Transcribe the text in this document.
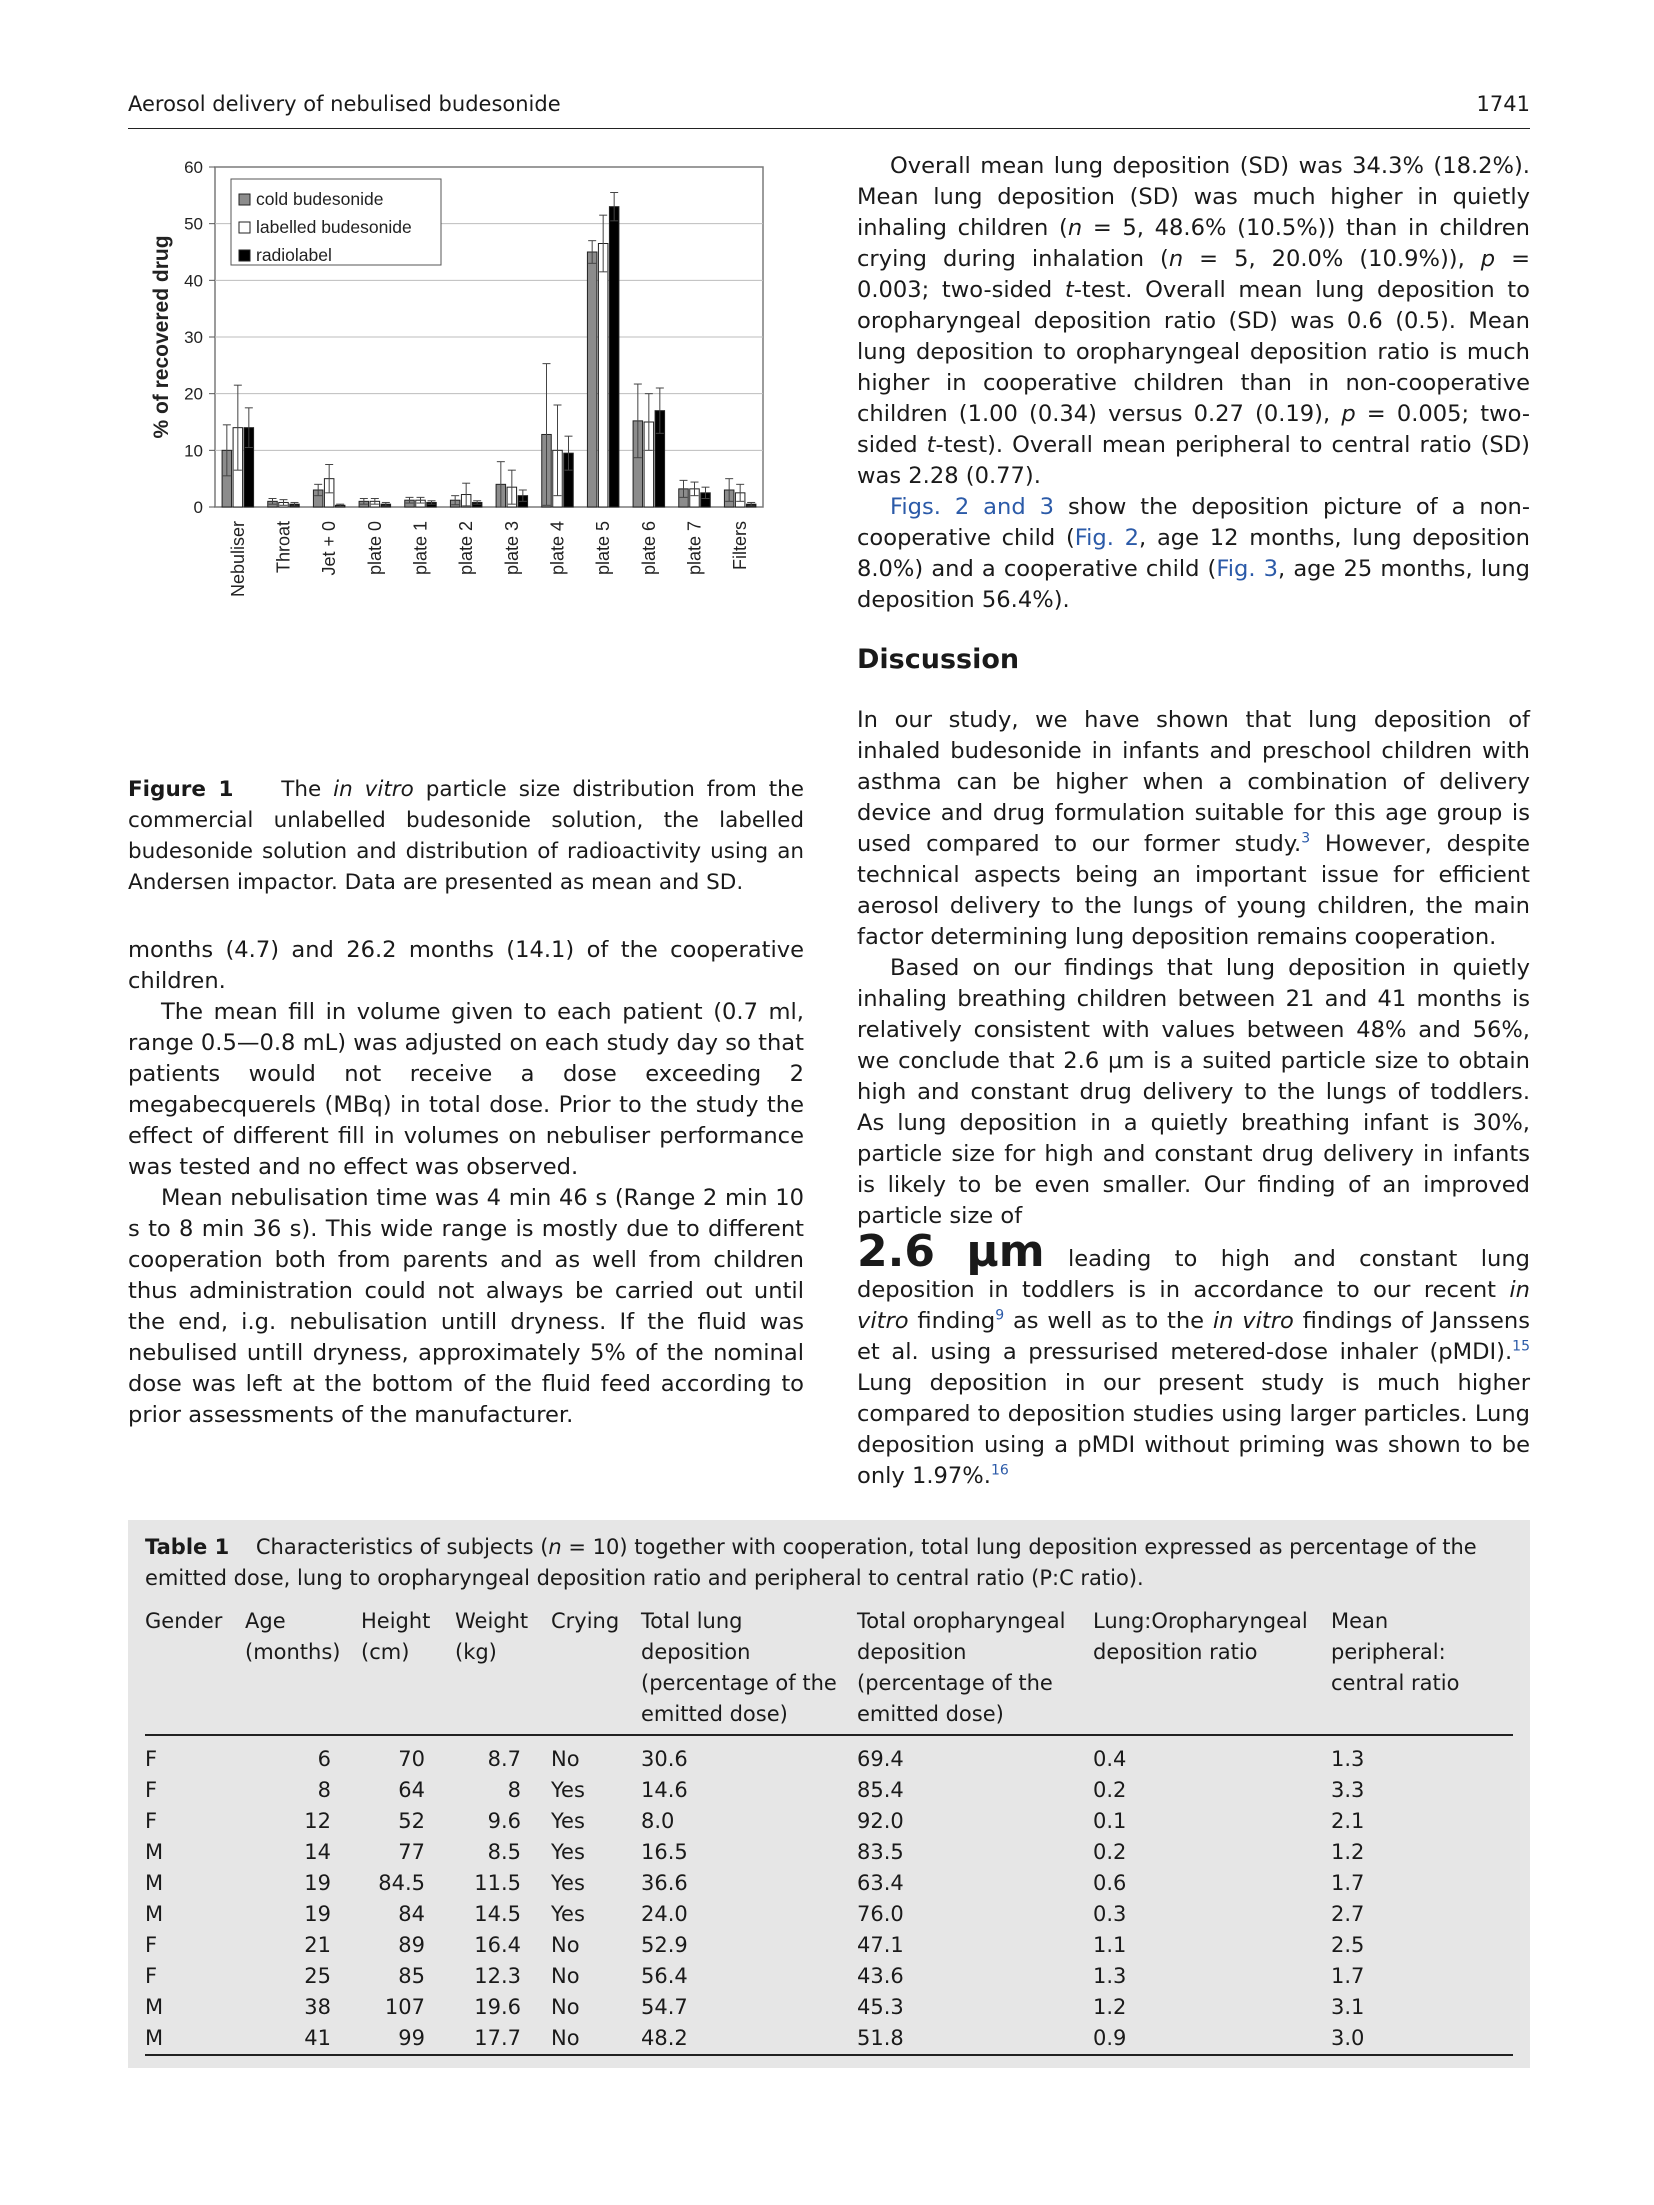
Aerosol delivery of nebulised budesonide	1741
0
10
20
30
40
50
60
% of recovered drug
Nebuliser Throat Jet + 0 plate 0 plate 1 plate 2 plate 3 plate 4 plate 5 plate 6 plate 7 Filters
cold budesonide
labelled budesonide
radiolabel
Figure 1 The in vitro particle size distribution from the commercial unlabelled budesonide solution, the labelled budesonide solution and distribution of radioactivity using an Andersen impactor. Data are presented as mean and SD.

months (4.7) and 26.2 months (14.1) of the cooperative children.

The mean fill in volume given to each patient (0.7 ml, range 0.5—0.8 mL) was adjusted on each study day so that patients would not receive a dose exceeding 2 megabecquerels (MBq) in total dose. Prior to the study the effect of different fill in volumes on nebuliser performance was tested and no effect was observed.

Mean nebulisation time was 4 min 46 s (Range 2 min 10 s to 8 min 36 s). This wide range is mostly due to different cooperation both from parents and as well from children thus administration could not always be carried out until the end, i.g. nebulisation untill dryness. If the fluid was nebulised untill dryness, approximately 5% of the nominal dose was left at the bottom of the fluid feed according to prior assessments of the manufacturer.

Overall mean lung deposition (SD) was 34.3% (18.2%). Mean lung deposition (SD) was much higher in quietly inhaling children (n = 5, 48.6% (10.5%)) than in children crying during inhalation (n = 5, 20.0% (10.9%)), p = 0.003; two-sided t-test. Overall mean lung deposition to oropharyngeal deposition ratio (SD) was 0.6 (0.5). Mean lung deposition to oropharyngeal deposition ratio is much higher in cooperative children than in non-cooperative children (1.00 (0.34) versus 0.27 (0.19), p = 0.005; two-sided t-test). Overall mean peripheral to central ratio (SD) was 2.28 (0.77).

Figs. 2 and 3 show the deposition picture of a non-cooperative child (Fig. 2, age 12 months, lung deposition 8.0%) and a cooperative child (Fig. 3, age 25 months, lung deposition 56.4%).

Discussion

In our study, we have shown that lung deposition of inhaled budesonide in infants and preschool children with asthma can be higher when a combination of delivery device and drug formulation suitable for this age group is used compared to our former study.$^3$ However, despite technical aspects being an important issue for efficient aerosol delivery to the lungs of young children, the main factor determining lung deposition remains cooperation.

Based on our findings that lung deposition in quietly inhaling breathing children between 21 and 41 months is relatively consistent with values between 48% and 56%, we conclude that 2.6 µm is a suited particle size to obtain high and constant drug delivery to the lungs of toddlers. As lung deposition in a quietly breathing infant is 30%, particle size for high and constant drug delivery in infants is likely to be even smaller. Our finding of an improved particle size of
2.6 µm leading to high and constant lung deposition in toddlers is in accordance to our recent in vitro finding$^9$ as well as to the in vitro findings of Janssens et al. using a pressurised metered-dose inhaler (pMDI).$^{15}$ Lung deposition in our present study is much higher compared to deposition studies using larger particles. Lung deposition using a pMDI without priming was shown to be only 1.97%.$^{16}$

Table 1 Characteristics of subjects (n = 10) together with cooperation, total lung deposition expressed as percentage of the emitted dose, lung to oropharyngeal deposition ratio and peripheral to central ratio (P:C ratio).
Gender	Age (months)	Height (cm)	Weight (kg)	Crying	Total lung deposition (percentage of the emitted dose)	Total oropharyngeal deposition (percentage of the emitted dose)	Lung:Oropharyngeal deposition ratio	Mean peripheral: central ratio
F	6	70	8.7	No	30.6	69.4	0.4	1.3
F	8	64	8	Yes	14.6	85.4	0.2	3.3
F	12	52	9.6	Yes	8.0	92.0	0.1	2.1
M	14	77	8.5	Yes	16.5	83.5	0.2	1.2
M	19	84.5	11.5	Yes	36.6	63.4	0.6	1.7
M	19	84	14.5	Yes	24.0	76.0	0.3	2.7
F	21	89	16.4	No	52.9	47.1	1.1	2.5
F	25	85	12.3	No	56.4	43.6	1.3	1.7
M	38	107	19.6	No	54.7	45.3	1.2	3.1
M	41	99	17.7	No	48.2	51.8	0.9	3.0
